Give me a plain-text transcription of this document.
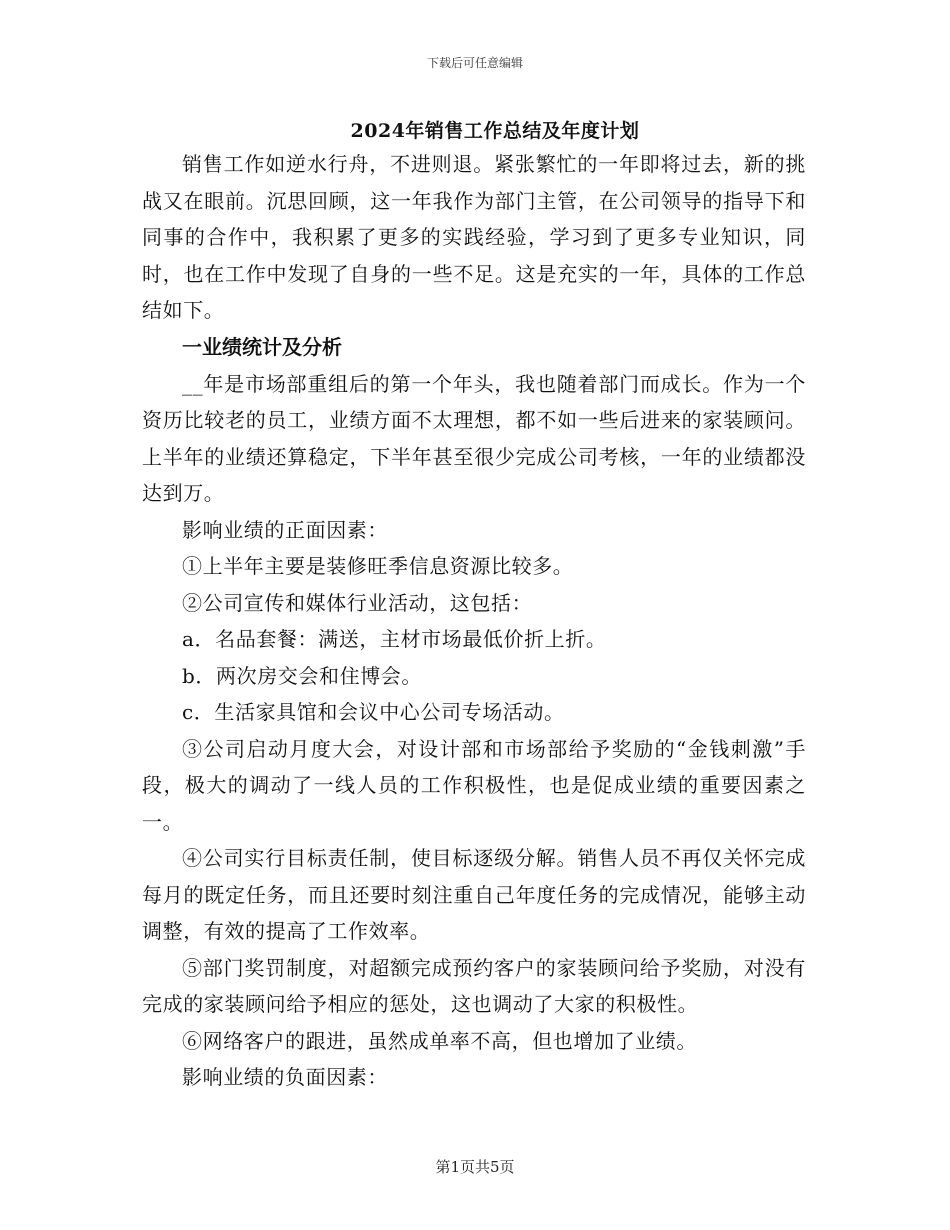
下载后可任意编辑
2024年销售工作总结及年度计划

销售工作如逆水行舟，不进则退。紧张繁忙的一年即将过去，新的挑战又在眼前。沉思回顾，这一年我作为部门主管，在公司领导的指导下和同事的合作中，我积累了更多的实践经验，学习到了更多专业知识，同时，也在工作中发现了自身的一些不足。这是充实的一年，具体的工作总结如下。

一业绩统计及分析

__年是市场部重组后的第一个年头，我也随着部门而成长。作为一个资历比较老的员工，业绩方面不太理想，都不如一些后进来的家装顾问。上半年的业绩还算稳定，下半年甚至很少完成公司考核，一年的业绩都没达到万。

影响业绩的正面因素：

①上半年主要是装修旺季信息资源比较多。

②公司宣传和媒体行业活动，这包括：

a．名品套餐：满送，主材市场最低价折上折。

b．两次房交会和住博会。

c．生活家具馆和会议中心公司专场活动。

③公司启动月度大会，对设计部和市场部给予奖励的“金钱刺激”手段，极大的调动了一线人员的工作积极性，也是促成业绩的重要因素之一。

④公司实行目标责任制，使目标逐级分解。销售人员不再仅关怀完成每月的既定任务，而且还要时刻注重自己年度任务的完成情况，能够主动调整，有效的提高了工作效率。

⑤部门奖罚制度，对超额完成预约客户的家装顾问给予奖励，对没有完成的家装顾问给予相应的惩处，这也调动了大家的积极性。

⑥网络客户的跟进，虽然成单率不高，但也增加了业绩。

影响业绩的负面因素：

第1页共5页
